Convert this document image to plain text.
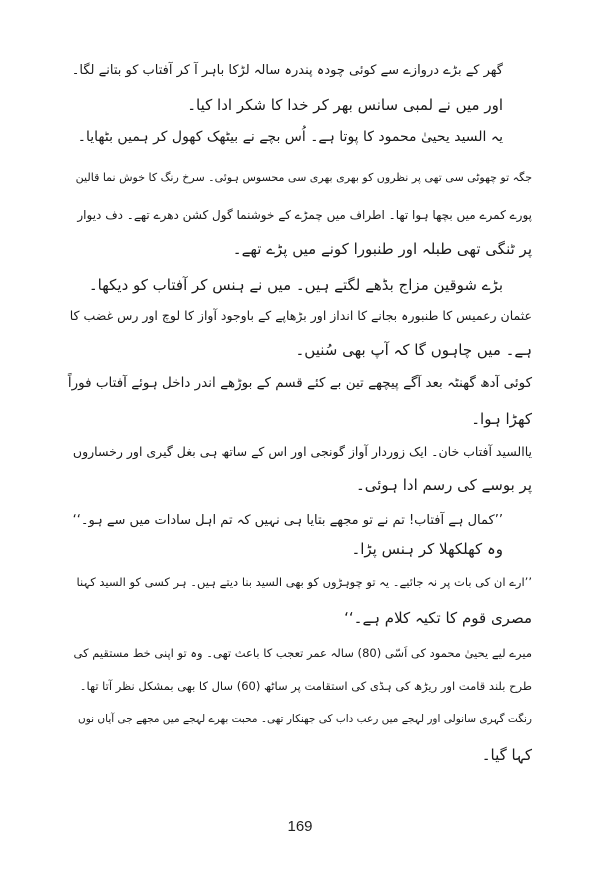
گھر کے بڑے دروازے سے کوئی چودہ پندرہ سالہ لڑکا باہر آ کر آفتاب کو بتانے لگا۔
اور میں نے لمبی سانس بھر کر خدا کا شکر ادا کیا۔
یہ السید یحییٰ محمود کا پوتا ہے۔ اُس بچے نے بیٹھک کھول کر ہمیں بٹھایا۔
جگہ تو چھوٹی سی تھی پر نظروں کو بھری بھری سی محسوس ہوئی۔ سرخ رنگ کا خوش نما قالین
پورے کمرے میں بچھا ہوا تھا۔ اطراف میں چمڑے کے خوشنما گول کشن دھرے تھے۔ دف دیوار
پر ٹنگی تھی طبلہ اور طنبورا کونے میں پڑے تھے۔
بڑے شوقین مزاج بڈھے لگتے ہیں۔ میں نے ہنس کر آفتاب کو دیکھا۔
عثمان رعمیس کا طنبورہ بجانے کا انداز اور بڑھاپے کے باوجود آواز کا لوچ اور رس غضب کا
ہے۔ میں چاہوں گا کہ آپ بھی سُنیں۔
کوئی آدھ گھنٹہ بعد آگے پیچھے تین بے کئے قسم کے بوڑھے اندر داخل ہوئے آفتاب فوراً
کھڑا ہوا۔
یاالسید آفتاب خان۔ ایک زوردار آواز گونجی اور اس کے ساتھ ہی بغل گیری اور رخساروں
پر بوسے کی رسم ادا ہوئی۔
’’کمال ہے آفتاب! تم نے تو مجھے بتایا ہی نہیں کہ تم اہل سادات میں سے ہو۔‘‘
وہ کھلکھلا کر ہنس پڑا۔
’’ارے ان کی بات پر نہ جائیے۔ یہ تو چوہڑوں کو بھی السید بنا دیتے ہیں۔ ہر کسی کو السید کہنا
مصری قوم کا تکیہ کلام ہے۔‘‘
میرے لیے یحییٰ محمود کی اَسّی (80) سالہ عمر تعجب کا باعث تھی۔ وہ تو اپنی خط مستقیم کی
طرح بلند قامت اور ریڑھ کی ہڈی کی استقامت پر ساٹھ (60) سال کا بھی بمشکل نظر آتا تھا۔
رنگت گہری سانولی اور لہجے میں رعب داب کی جھنکار تھی۔ محبت بھرے لہجے میں مجھے جی آیاں نوں
کہا گیا۔
169
